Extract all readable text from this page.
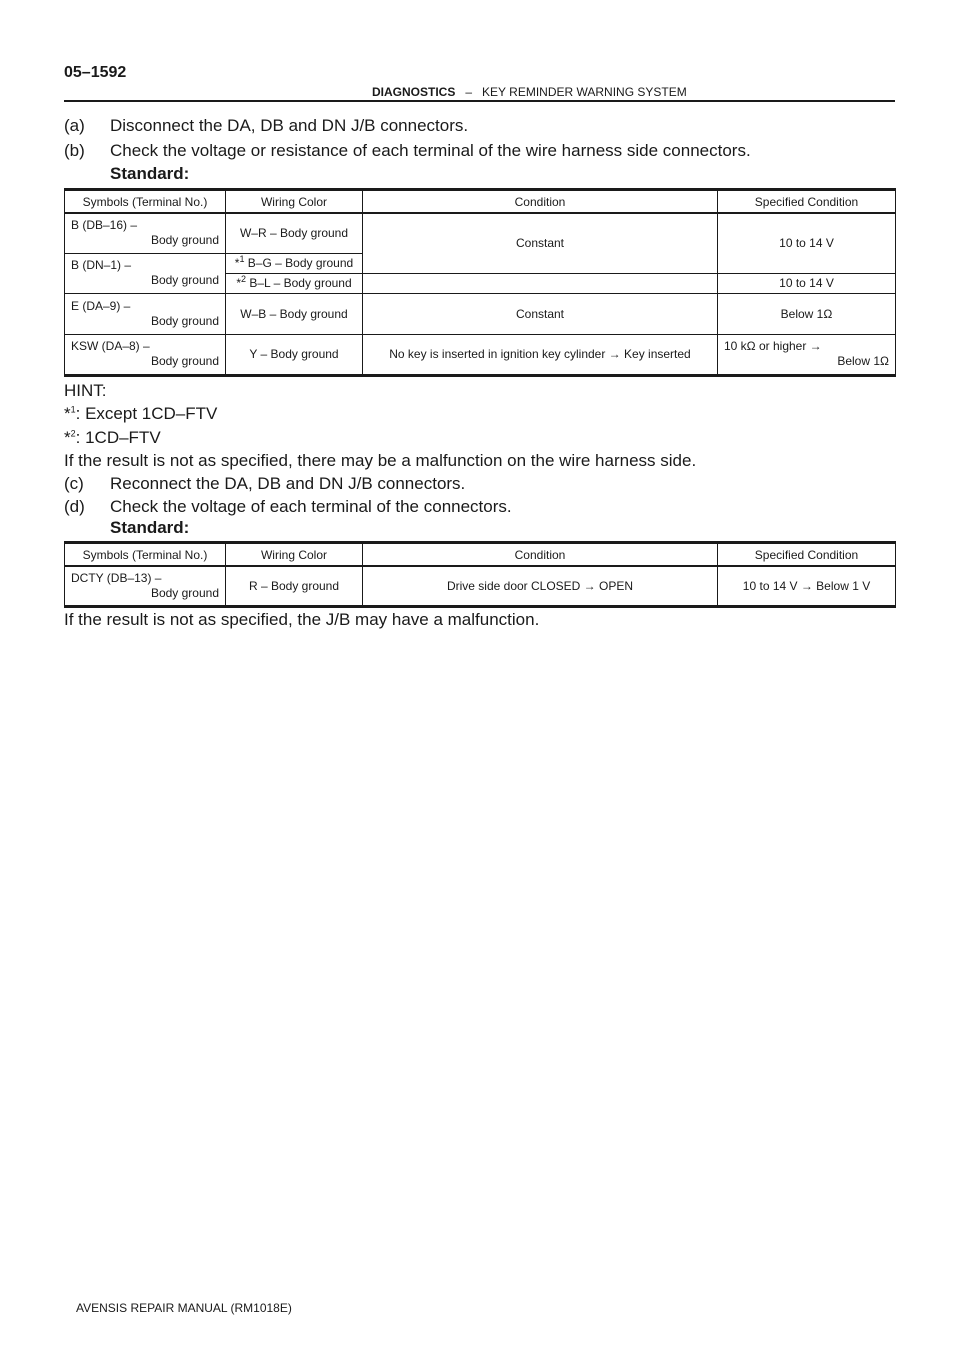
05–1592
DIAGNOSTICS – KEY REMINDER WARNING SYSTEM
(a) Disconnect the DA, DB and DN J/B connectors.
(b) Check the voltage or resistance of each terminal of the wire harness side connectors.
Standard:
Symbols (Terminal No.)	Wiring Color	Condition	Specified Condition

B (DB–16) –
Body ground	W–R – Body ground	Constant	10 to 14 V

B (DN–1) –
Body ground	*$^1$ B–G – Body ground		
	*$^2$ B–L – Body ground		10 to 14 V

E (DA–9) –
Body ground	W–B – Body ground	Constant	Below 1Ω

KSW (DA–8) –
Body ground	Y – Body ground	No key is inserted in ignition key cylinder → Key inserted	10 kΩ or higher →
Below 1Ω
HINT:
*$^1$: Except 1CD–FTV
*$^2$: 1CD–FTV
If the result is not as specified, there may be a malfunction on the wire harness side.
(c) Reconnect the DA, DB and DN J/B connectors.
(d) Check the voltage of each terminal of the connectors.
Standard:
Symbols (Terminal No.)	Wiring Color	Condition	Specified Condition

DCTY (DB–13) –
Body ground	R – Body ground	Drive side door CLOSED → OPEN	10 to 14 V → Below 1 V
If the result is not as specified, the J/B may have a malfunction.
AVENSIS REPAIR MANUAL (RM1018E)
